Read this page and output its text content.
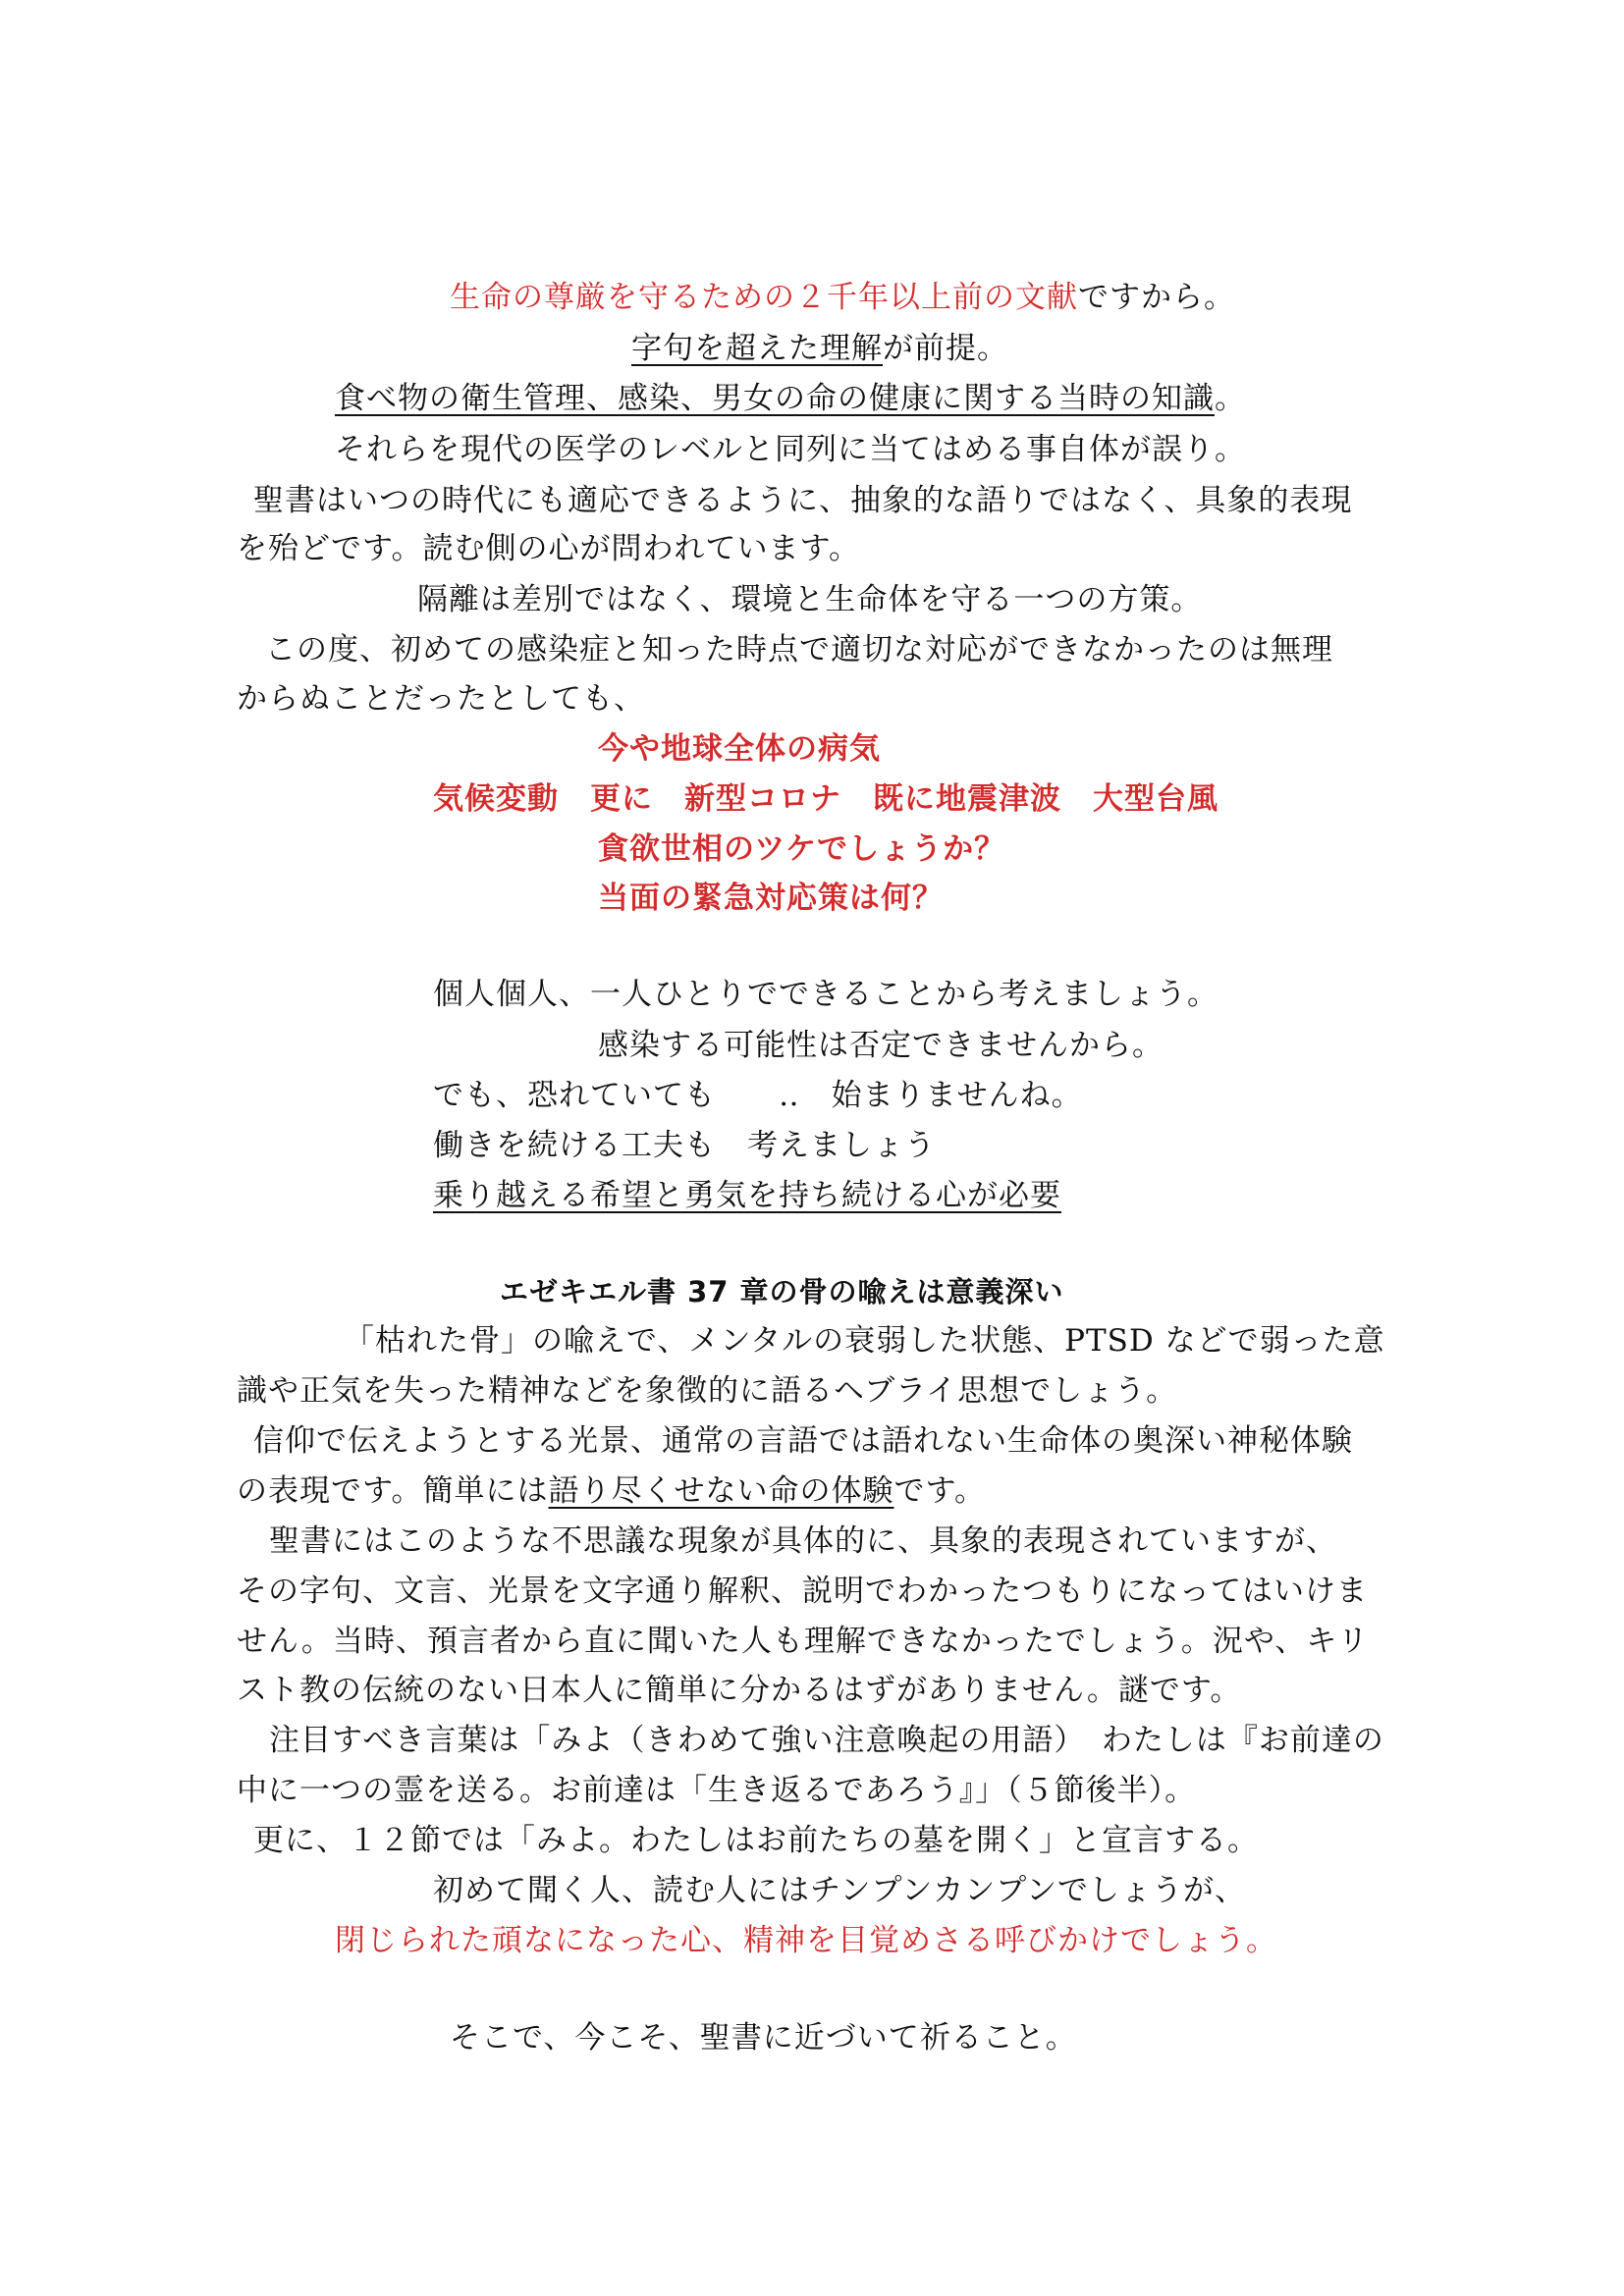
生命の尊厳を守るための２千年以上前の文献ですから。
字句を超えた理解が前提。
食べ物の衛生管理、感染、男女の命の健康に関する当時の知識。
それらを現代の医学のレベルと同列に当てはめる事自体が誤り。
聖書はいつの時代にも適応できるように、抽象的な語りではなく、具象的表現
を殆どです。読む側の心が問われています。
隔離は差別ではなく、環境と生命体を守る一つの方策。
この度、初めての感染症と知った時点で適切な対応ができなかったのは無理
からぬことだったとしても、
今や地球全体の病気
気候変動　更に　新型コロナ　既に地震津波　大型台風
貪欲世相のツケでしょうか？
当面の緊急対応策は何？
個人個人、一人ひとりでできることから考えましょう。
感染する可能性は否定できませんから。
でも、恐れていても　　‥　始まりませんね。
働きを続ける工夫も　考えましょう
乗り越える希望と勇気を持ち続ける心が必要
エゼキエル書 37 章の骨の喩えは意義深い
「枯れた骨」の喩えで、メンタルの衰弱した状態、PTSD などで弱った意
識や正気を失った精神などを象徴的に語るヘブライ思想でしょう。
信仰で伝えようとする光景、通常の言語では語れない生命体の奥深い神秘体験
の表現です。簡単には語り尽くせない命の体験です。
聖書にはこのような不思議な現象が具体的に、具象的表現されていますが、
その字句、文言、光景を文字通り解釈、説明でわかったつもりになってはいけま
せん。当時、預言者から直に聞いた人も理解できなかったでしょう。況や、キリ
スト教の伝統のない日本人に簡単に分かるはずがありません。謎です。
注目すべき言葉は「みよ（きわめて強い注意喚起の用語）　わたしは『お前達の
中に一つの霊を送る。お前達は「生き返るであろう』」（５節後半）。
更に、１２節では「みよ。わたしはお前たちの墓を開く」と宣言する。
初めて聞く人、読む人にはチンプンカンプンでしょうが、
閉じられた頑なになった心、精神を目覚めさる呼びかけでしょう。
そこで、今こそ、聖書に近づいて祈ること。
